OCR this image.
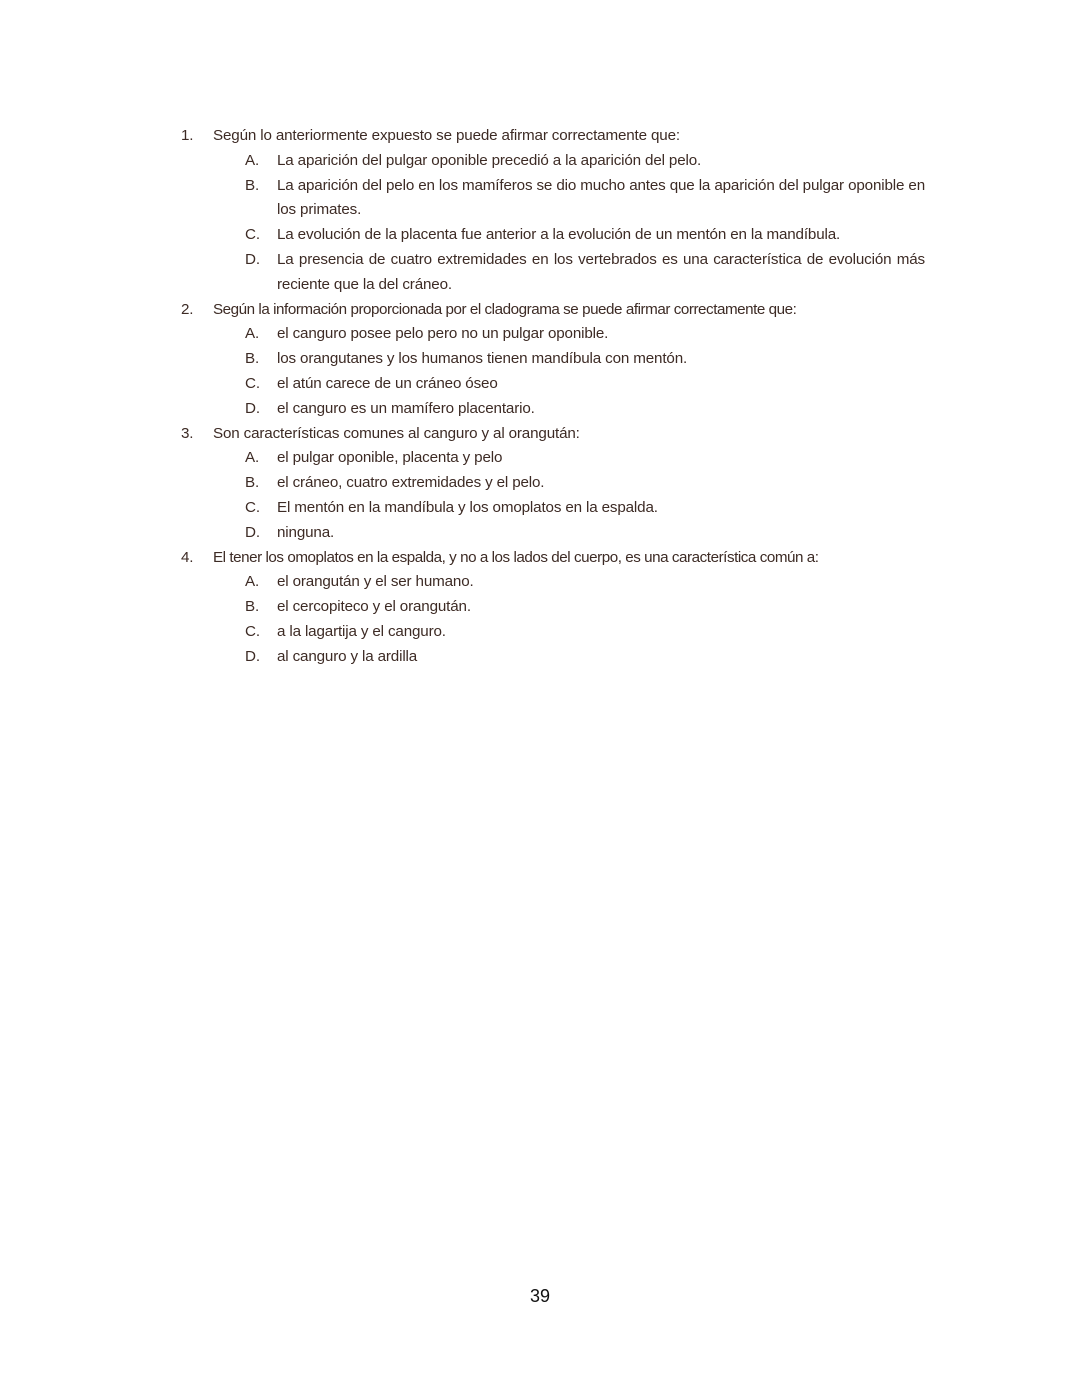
1.	Según lo anteriormente expuesto se puede afirmar correctamente que:
A.	La aparición del pulgar oponible precedió a la aparición del pelo.
B.	La aparición del pelo en los mamíferos se dio mucho antes que la aparición del pulgar oponible en los primates.
C.	La evolución de la placenta fue anterior a la evolución de un mentón en la mandíbula.
D.	La presencia de cuatro extremidades en los vertebrados es una característica de evolución más reciente que la del cráneo.
2.	Según la información proporcionada por el cladograma se puede afirmar correctamente que:
A.	el canguro posee pelo pero no un pulgar oponible.
B.	los orangutanes y los humanos tienen mandíbula con mentón.
C.	el atún carece de un cráneo óseo
D.	el canguro es un mamífero placentario.
3.	Son características comunes al canguro y al orangután:
A.	el pulgar oponible, placenta y pelo
B.	el cráneo, cuatro extremidades y el pelo.
C.	El mentón en la mandíbula y los omoplatos en la espalda.
D.	ninguna.
4.	El tener los omoplatos en la espalda, y no a los lados del cuerpo, es una característica común a:
A.	el orangután y el ser humano.
B.	el cercopiteco y el orangután.
C.	a la lagartija y el canguro.
D.	al canguro y la ardilla
39
